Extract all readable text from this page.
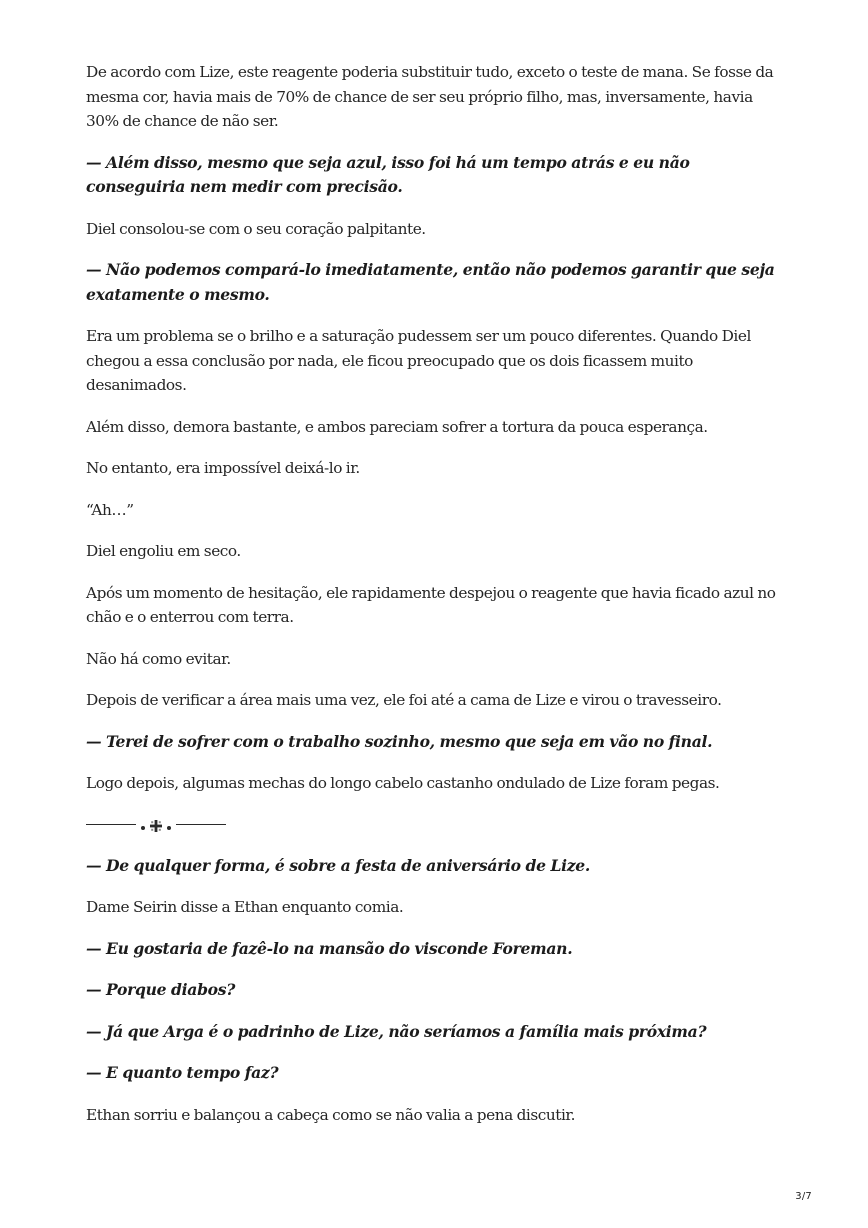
De acordo com Lize, este reagente poderia substituir tudo, exceto o teste de mana. Se fosse da mesma cor, havia mais de 70% de chance de ser seu próprio filho, mas, inversamente, havia 30% de chance de não ser.

— Além disso, mesmo que seja azul, isso foi há um tempo atrás e eu não conseguiria nem medir com precisão.

Diel consolou-se com o seu coração palpitante.

— Não podemos compará-lo imediatamente, então não podemos garantir que seja exatamente o mesmo.

Era um problema se o brilho e a saturação pudessem ser um pouco diferentes. Quando Diel chegou a essa conclusão por nada, ele ficou preocupado que os dois ficassem muito desanimados.

Além disso, demora bastante, e ambos pareciam sofrer a tortura da pouca esperança.

No entanto, era impossível deixá-lo ir.

“Ah…”

Diel engoliu em seco.

Após um momento de hesitação, ele rapidamente despejou o reagente que havia ficado azul no chão e o enterrou com terra.

Não há como evitar.

Depois de verificar a área mais uma vez, ele foi até a cama de Lize e virou o travesseiro.

— Terei de sofrer com o trabalho sozinho, mesmo que seja em vão no final.

Logo depois, algumas mechas do longo cabelo castanho ondulado de Lize foram pegas.

— De qualquer forma, é sobre a festa de aniversário de Lize.

Dame Seirin disse a Ethan enquanto comia.

— Eu gostaria de fazê-lo na mansão do visconde Foreman.

— Porque diabos?

— Já que Arga é o padrinho de Lize, não seríamos a família mais próxima?

— E quanto tempo faz?

Ethan sorriu e balançou a cabeça como se não valia a pena discutir.

3/7
